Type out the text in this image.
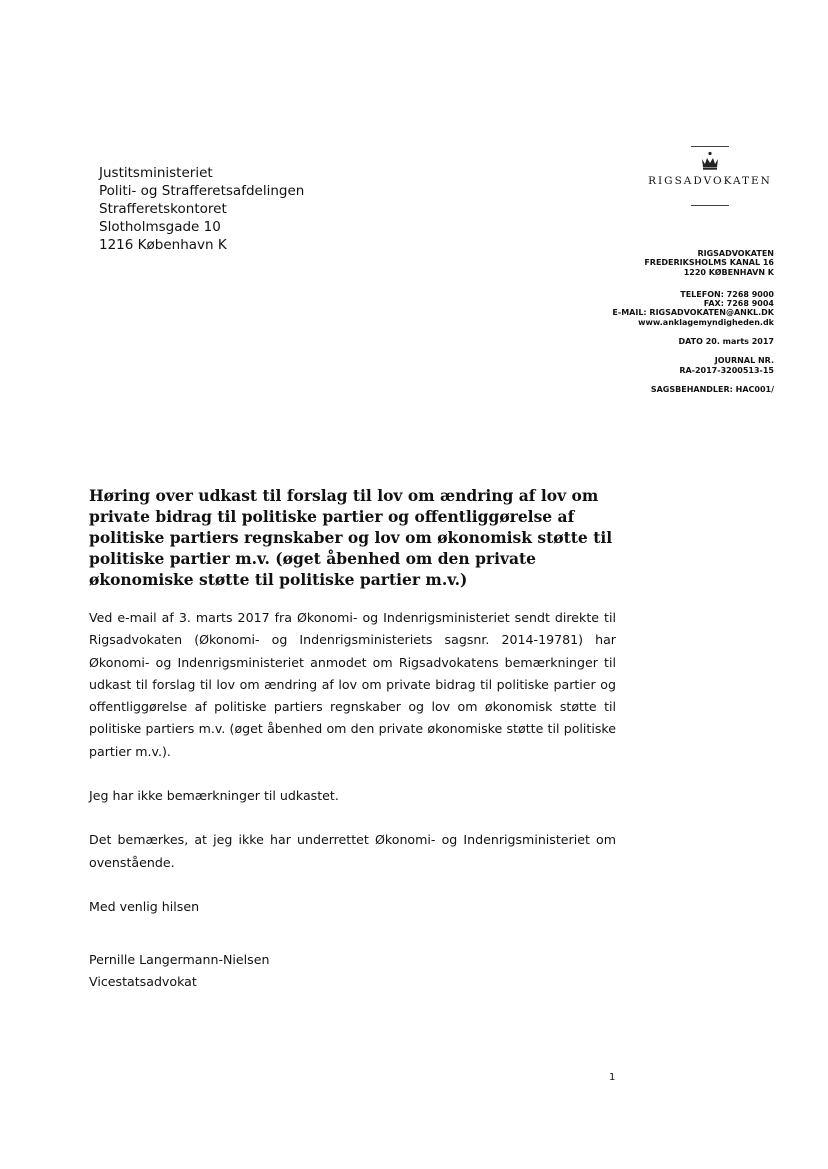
Justitsministeriet
Politi- og Strafferetsafdelingen
Strafferetskontoret
Slotholmsgade 10
1216 København K
RIGSADVOKATEN
RIGSADVOKATEN
FREDERIKSHOLMS KANAL 16
1220 KØBENHAVN K
TELEFON: 7268 9000
FAX: 7268 9004
E-MAIL: RIGSADVOKATEN@ANKL.DK
www.anklagemyndigheden.dk
DATO 20. marts 2017
JOURNAL NR.
RA-2017-3200513-15
SAGSBEHANDLER: HAC001/
Høring over udkast til forslag til lov om ændring af lov om private bidrag til politiske partier og offentliggørelse af politiske partiers regnskaber og lov om økonomisk støtte til politiske partier m.v. (øget åbenhed om den private økonomiske støtte til politiske partier m.v.)

Ved e-mail af 3. marts 2017 fra Økonomi- og Indenrigsministeriet sendt direkte til Rigsadvokaten (Økonomi- og Indenrigsministeriets sagsnr. 2014-19781) har Økonomi- og Indenrigsministeriet anmodet om Rigsadvokatens bemærkninger til udkast til forslag til lov om ændring af lov om private bidrag til politiske partier og offentliggørelse af politiske partiers regnskaber og lov om økonomisk støtte til politiske partiers m.v. (øget åbenhed om den private økonomiske støtte til politiske partier m.v.).

Jeg har ikke bemærkninger til udkastet.

Det bemærkes, at jeg ikke har underrettet Økonomi- og Indenrigsministeriet om ovenstående.

Med venlig hilsen

Pernille Langermann-Nielsen
Vicestatsadvokat
1
